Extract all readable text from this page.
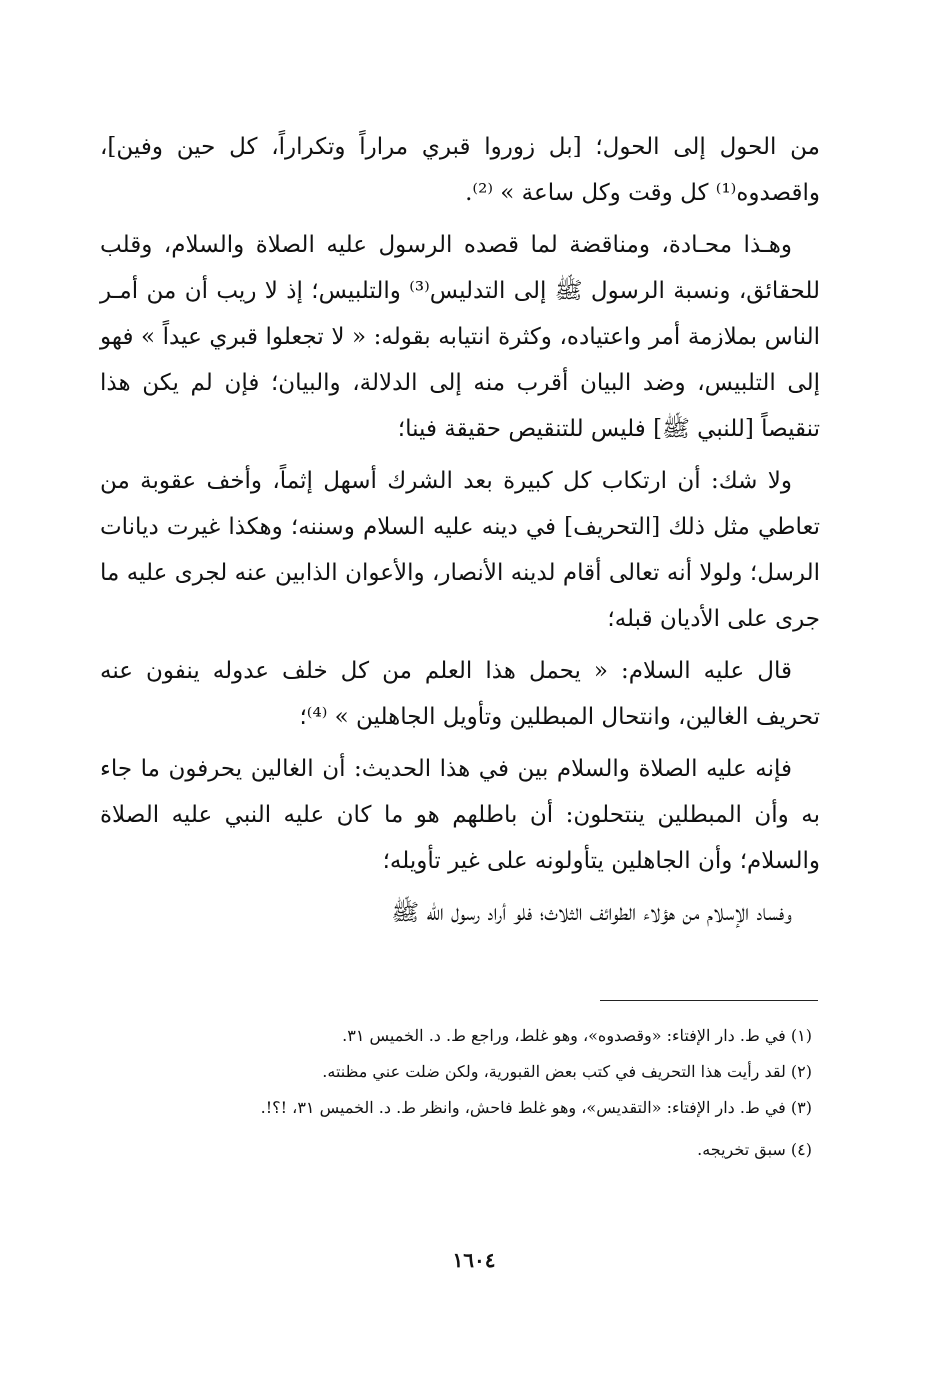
من الحول إلى الحول؛ [بل زوروا قبري مراراً وتكراراً، كل حين وفين]، واقصدوه⁽¹⁾ كل وقت وكل ساعة » ⁽²⁾.

وهـذا محـادة، ومناقضة لما قصده الرسول عليه الصلاة والسلام، وقلب للحقائق، ونسبة الرسول ﷺ إلى التدليس⁽³⁾ والتلبيس؛ إذ لا ريب أن من أمـر الناس بملازمة أمر واعتياده، وكثرة انتيابه بقوله: « لا تجعلوا قبري عيداً » فهو إلى التلبيس، وضد البيان أقرب منه إلى الدلالة، والبيان؛ فإن لم يكن هذا تنقيصاً [للنبي ﷺ] فليس للتنقيص حقيقة فينا؛

ولا شك: أن ارتكاب كل كبيرة بعد الشرك أسهل إثماً، وأخف عقوبة من تعاطي مثل ذلك [التحريف] في دينه عليه السلام وسننه؛ وهكذا غيرت ديانات الرسل؛ ولولا أنه تعالى أقام لدينه الأنصار، والأعوان الذابين عنه لجرى عليه ما جرى على الأديان قبله؛

قال عليه السلام: « يحمل هذا العلم من كل خلف عدوله ينفون عنه تحريف الغالين، وانتحال المبطلين وتأويل الجاهلين » ⁽⁴⁾؛

فإنه عليه الصلاة والسلام بين في هذا الحديث: أن الغالين يحرفون ما جاء به وأن المبطلين ينتحلون: أن باطلهم هو ما كان عليه النبي عليه الصلاة والسلام؛ وأن الجاهلين يتأولونه على غير تأويله؛

وفساد الإسلام من هؤلاء الطوائف الثلاث؛ فلو أراد رسول الله ﷺ

(١) في ط. دار الإفتاء: «وقصدوه»، وهو غلط، وراجع ط. د. الخميس ٣١.

(٢) لقد رأيت هذا التحريف في كتب بعض القبورية، ولكن ضلت عني مظنته.

(٣) في ط. دار الإفتاء: «التقديس»، وهو غلط فاحش، وانظر ط. د. الخميس ٣١، !؟!.

(٤) سبق تخريجه.

١٦٠٤
